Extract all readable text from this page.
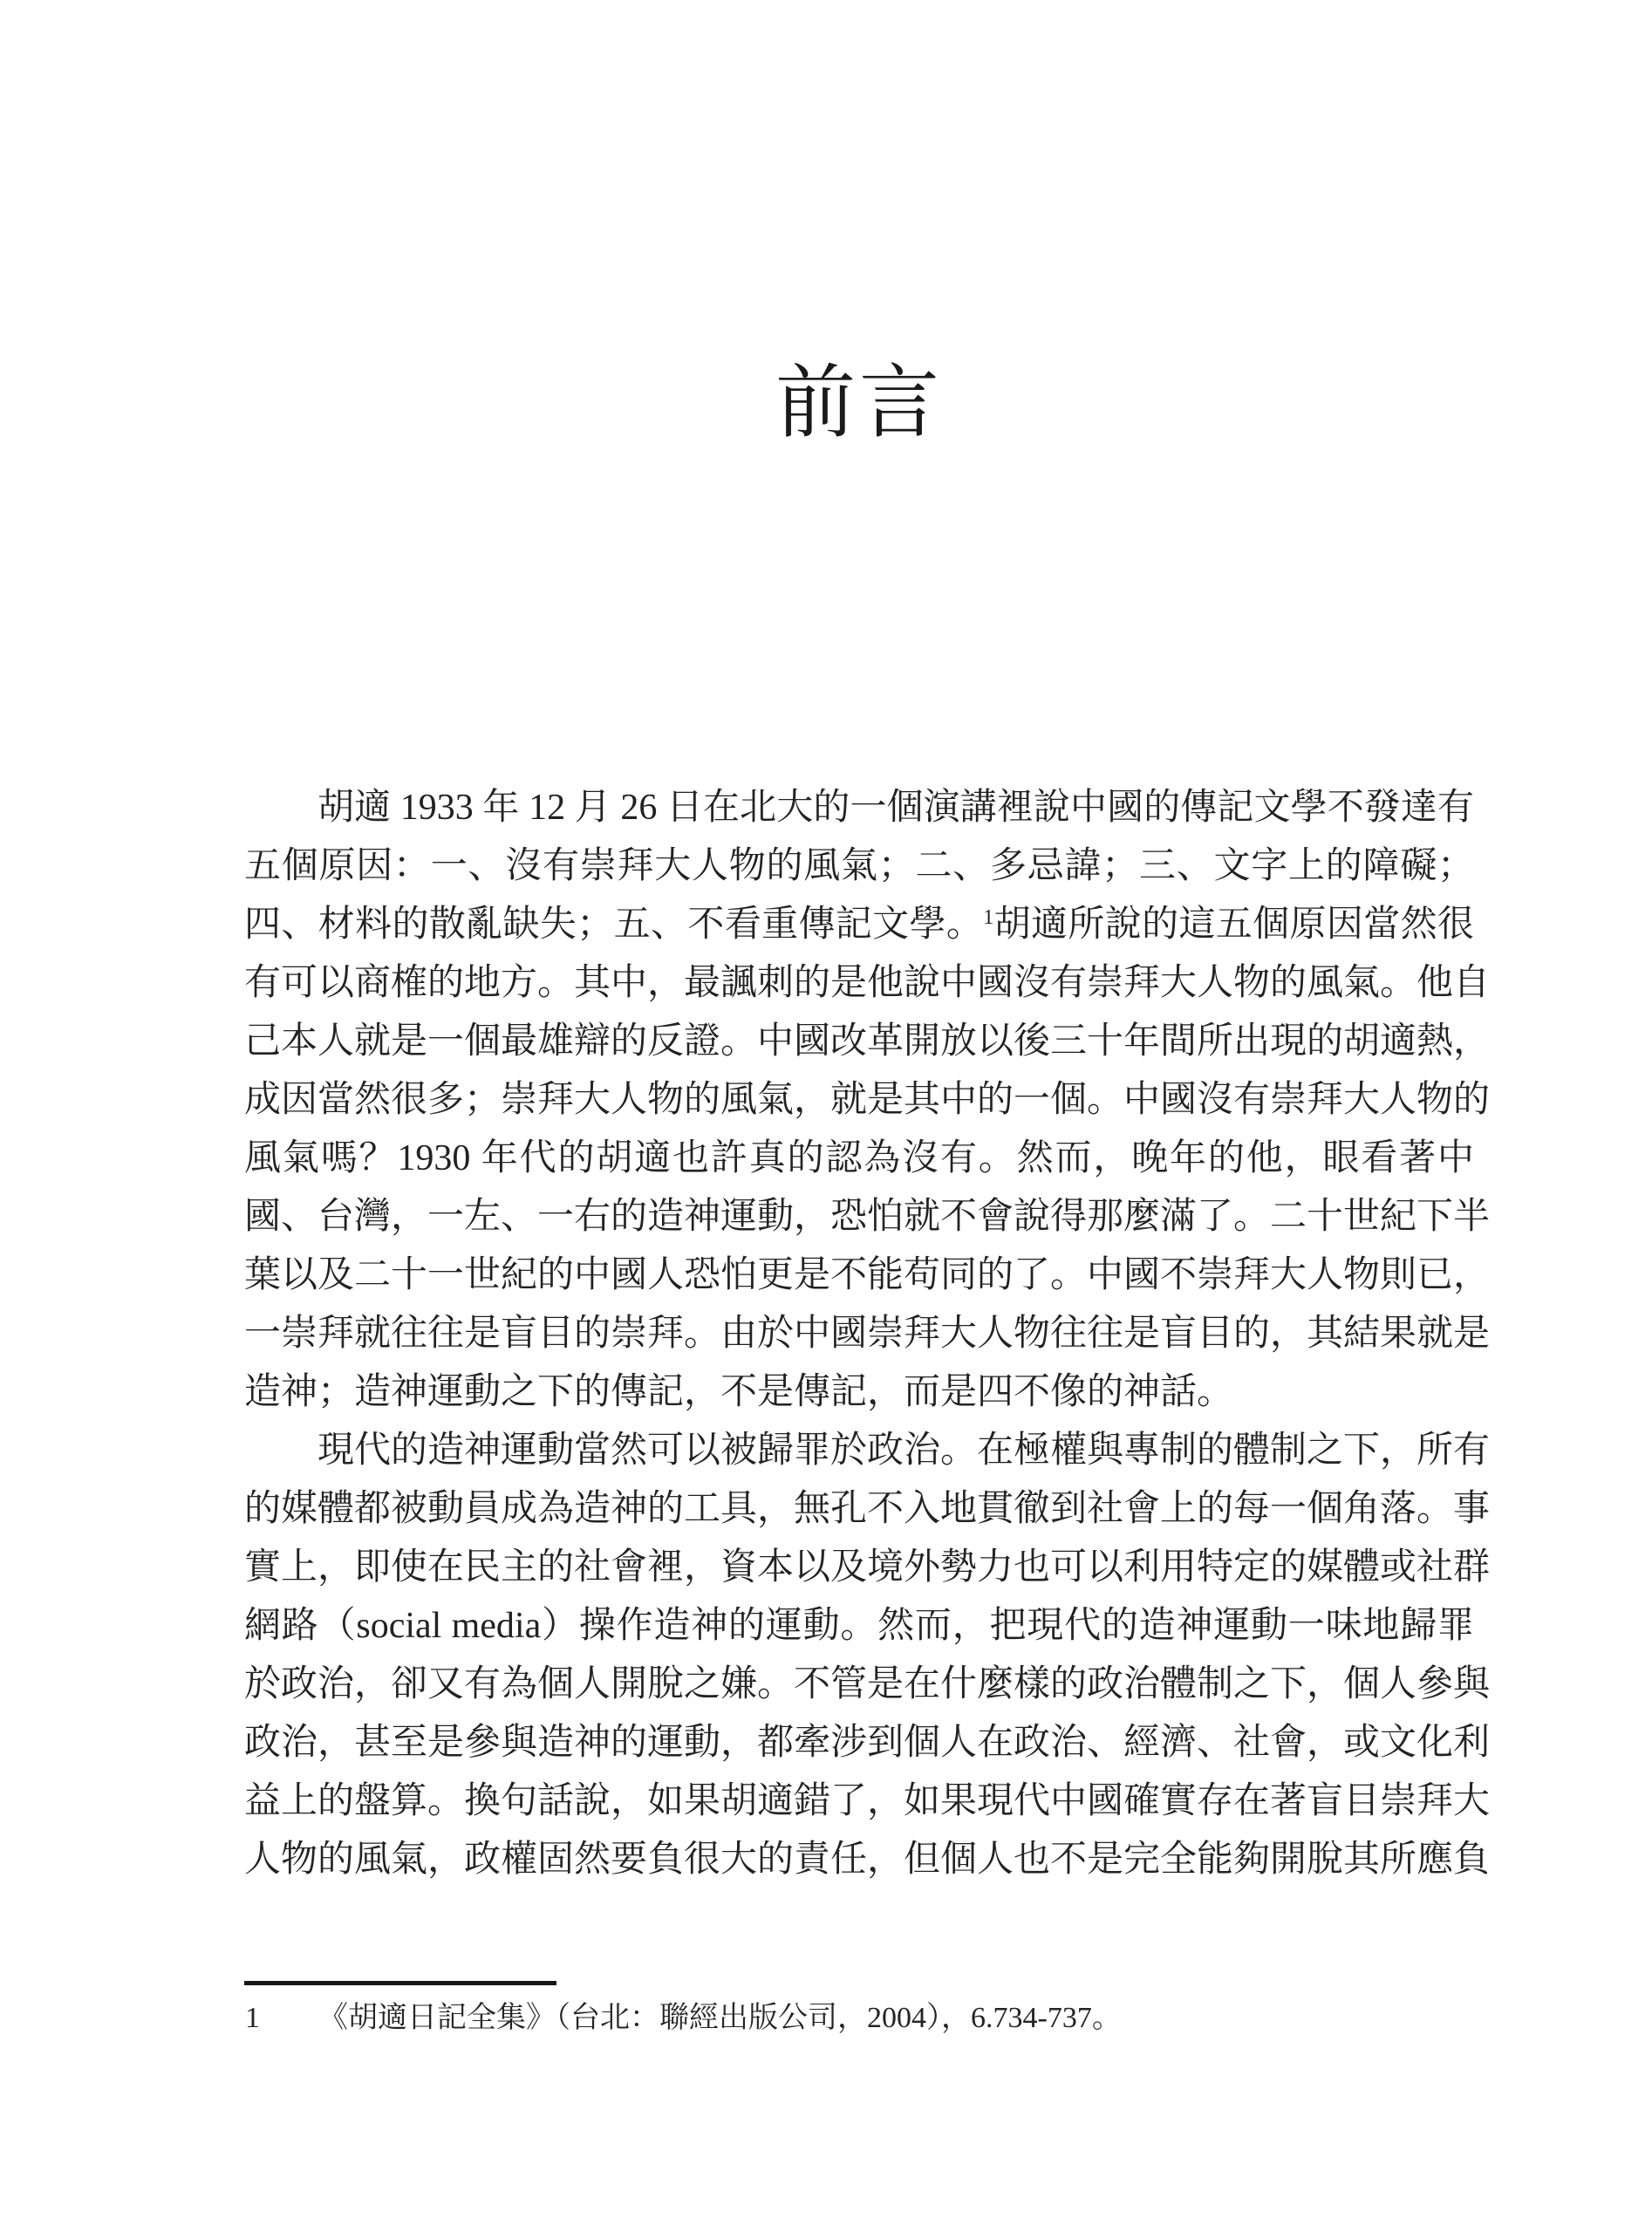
前言
胡適 1933 年 12 月 26 日在北大的一個演講裡說中國的傳記文學不發達有
五個原因：一、沒有崇拜大人物的風氣；二、多忌諱；三、文字上的障礙；
四、材料的散亂缺失；五、不看重傳記文學。$^1$胡適所說的這五個原因當然很
有可以商榷的地方。其中，最諷刺的是他說中國沒有崇拜大人物的風氣。他自
己本人就是一個最雄辯的反證。中國改革開放以後三十年間所出現的胡適熱，
成因當然很多；崇拜大人物的風氣，就是其中的一個。中國沒有崇拜大人物的
風氣嗎？1930 年代的胡適也許真的認為沒有。然而，晚年的他，眼看著中
國、台灣，一左、一右的造神運動，恐怕就不會說得那麼滿了。二十世紀下半
葉以及二十一世紀的中國人恐怕更是不能苟同的了。中國不崇拜大人物則已，
一崇拜就往往是盲目的崇拜。由於中國崇拜大人物往往是盲目的，其結果就是
造神；造神運動之下的傳記，不是傳記，而是四不像的神話。
現代的造神運動當然可以被歸罪於政治。在極權與專制的體制之下，所有
的媒體都被動員成為造神的工具，無孔不入地貫徹到社會上的每一個角落。事
實上，即使在民主的社會裡，資本以及境外勢力也可以利用特定的媒體或社群
網路（social media）操作造神的運動。然而，把現代的造神運動一味地歸罪
於政治，卻又有為個人開脫之嫌。不管是在什麼樣的政治體制之下，個人參與
政治，甚至是參與造神的運動，都牽涉到個人在政治、經濟、社會，或文化利
益上的盤算。換句話說，如果胡適錯了，如果現代中國確實存在著盲目崇拜大
人物的風氣，政權固然要負很大的責任，但個人也不是完全能夠開脫其所應負
1	《胡適日記全集》（台北：聯經出版公司，2004），6.734-737。
